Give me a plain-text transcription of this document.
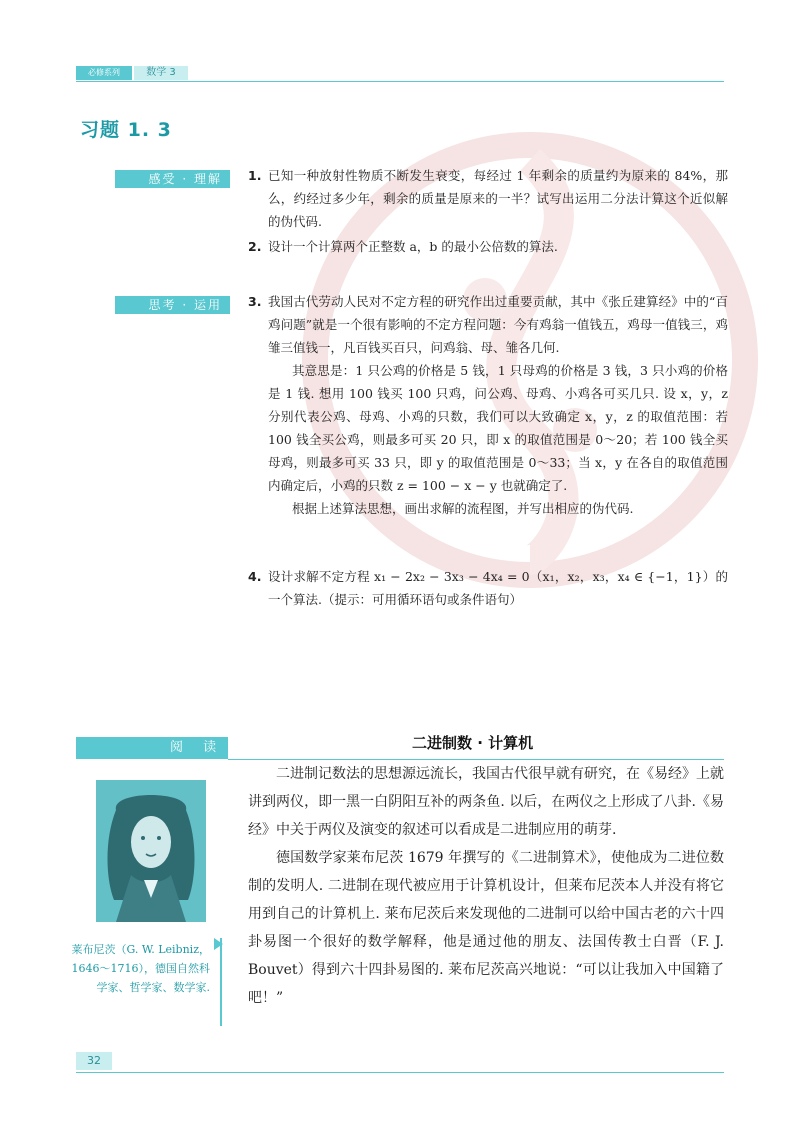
必修系列	数学 3
习题 1. 3
感受 · 理解	1. 已知一种放射性物质不断发生衰变，每经过 1 年剩余的质量约为原来的 84%，那么，约经过多少年，剩余的质量是原来的一半？试写出运用二分法计算这个近似解的伪代码.
2. 设计一个计算两个正整数 a，b 的最小公倍数的算法.
思考 · 运用	3. 我国古代劳动人民对不定方程的研究作出过重要贡献，其中《张丘建算经》中的“百鸡问题”就是一个很有影响的不定方程问题：今有鸡翁一值钱五，鸡母一值钱三，鸡雏三值钱一，凡百钱买百只，问鸡翁、母、雏各几何.
其意思是：1 只公鸡的价格是 5 钱，1 只母鸡的价格是 3 钱，3 只小鸡的价格是 1 钱. 想用 100 钱买 100 只鸡，问公鸡、母鸡、小鸡各可买几只. 设 x，y，z 分别代表公鸡、母鸡、小鸡的只数，我们可以大致确定 x，y，z 的取值范围：若 100 钱全买公鸡，则最多可买 20 只，即 x 的取值范围是 0～20；若 100 钱全买母鸡，则最多可买 33 只，即 y 的取值范围是 0～33；当 x，y 在各自的取值范围内确定后，小鸡的只数 z = 100 − x − y 也就确定了.
根据上述算法思想，画出求解的流程图，并写出相应的伪代码.
4. 设计求解不定方程 x₁ − 2x₂ − 3x₃ − 4x₄ = 0（x₁，x₂，x₃，x₄ ∈ {−1，1}）的一个算法.（提示：可用循环语句或条件语句）
阅 读	二进制数 · 计算机
莱布尼茨（G. W. Leibniz，1646～1716），德国自然科学家、哲学家、数学家.

二进制记数法的思想源远流长，我国古代很早就有研究，在《易经》上就讲到两仪，即一黑一白阴阳互补的两条鱼. 以后，在两仪之上形成了八卦.《易经》中关于两仪及演变的叙述可以看成是二进制应用的萌芽.

德国数学家莱布尼茨 1679 年撰写的《二进制算术》，使他成为二进位数制的发明人. 二进制在现代被应用于计算机设计，但莱布尼茨本人并没有将它用到自己的计算机上. 莱布尼茨后来发现他的二进制可以给中国古老的六十四卦易图一个很好的数学解释，他是通过他的朋友、法国传教士白晋（F. J. Bouvet）得到六十四卦易图的. 莱布尼茨高兴地说：“可以让我加入中国籍了吧！”

32
